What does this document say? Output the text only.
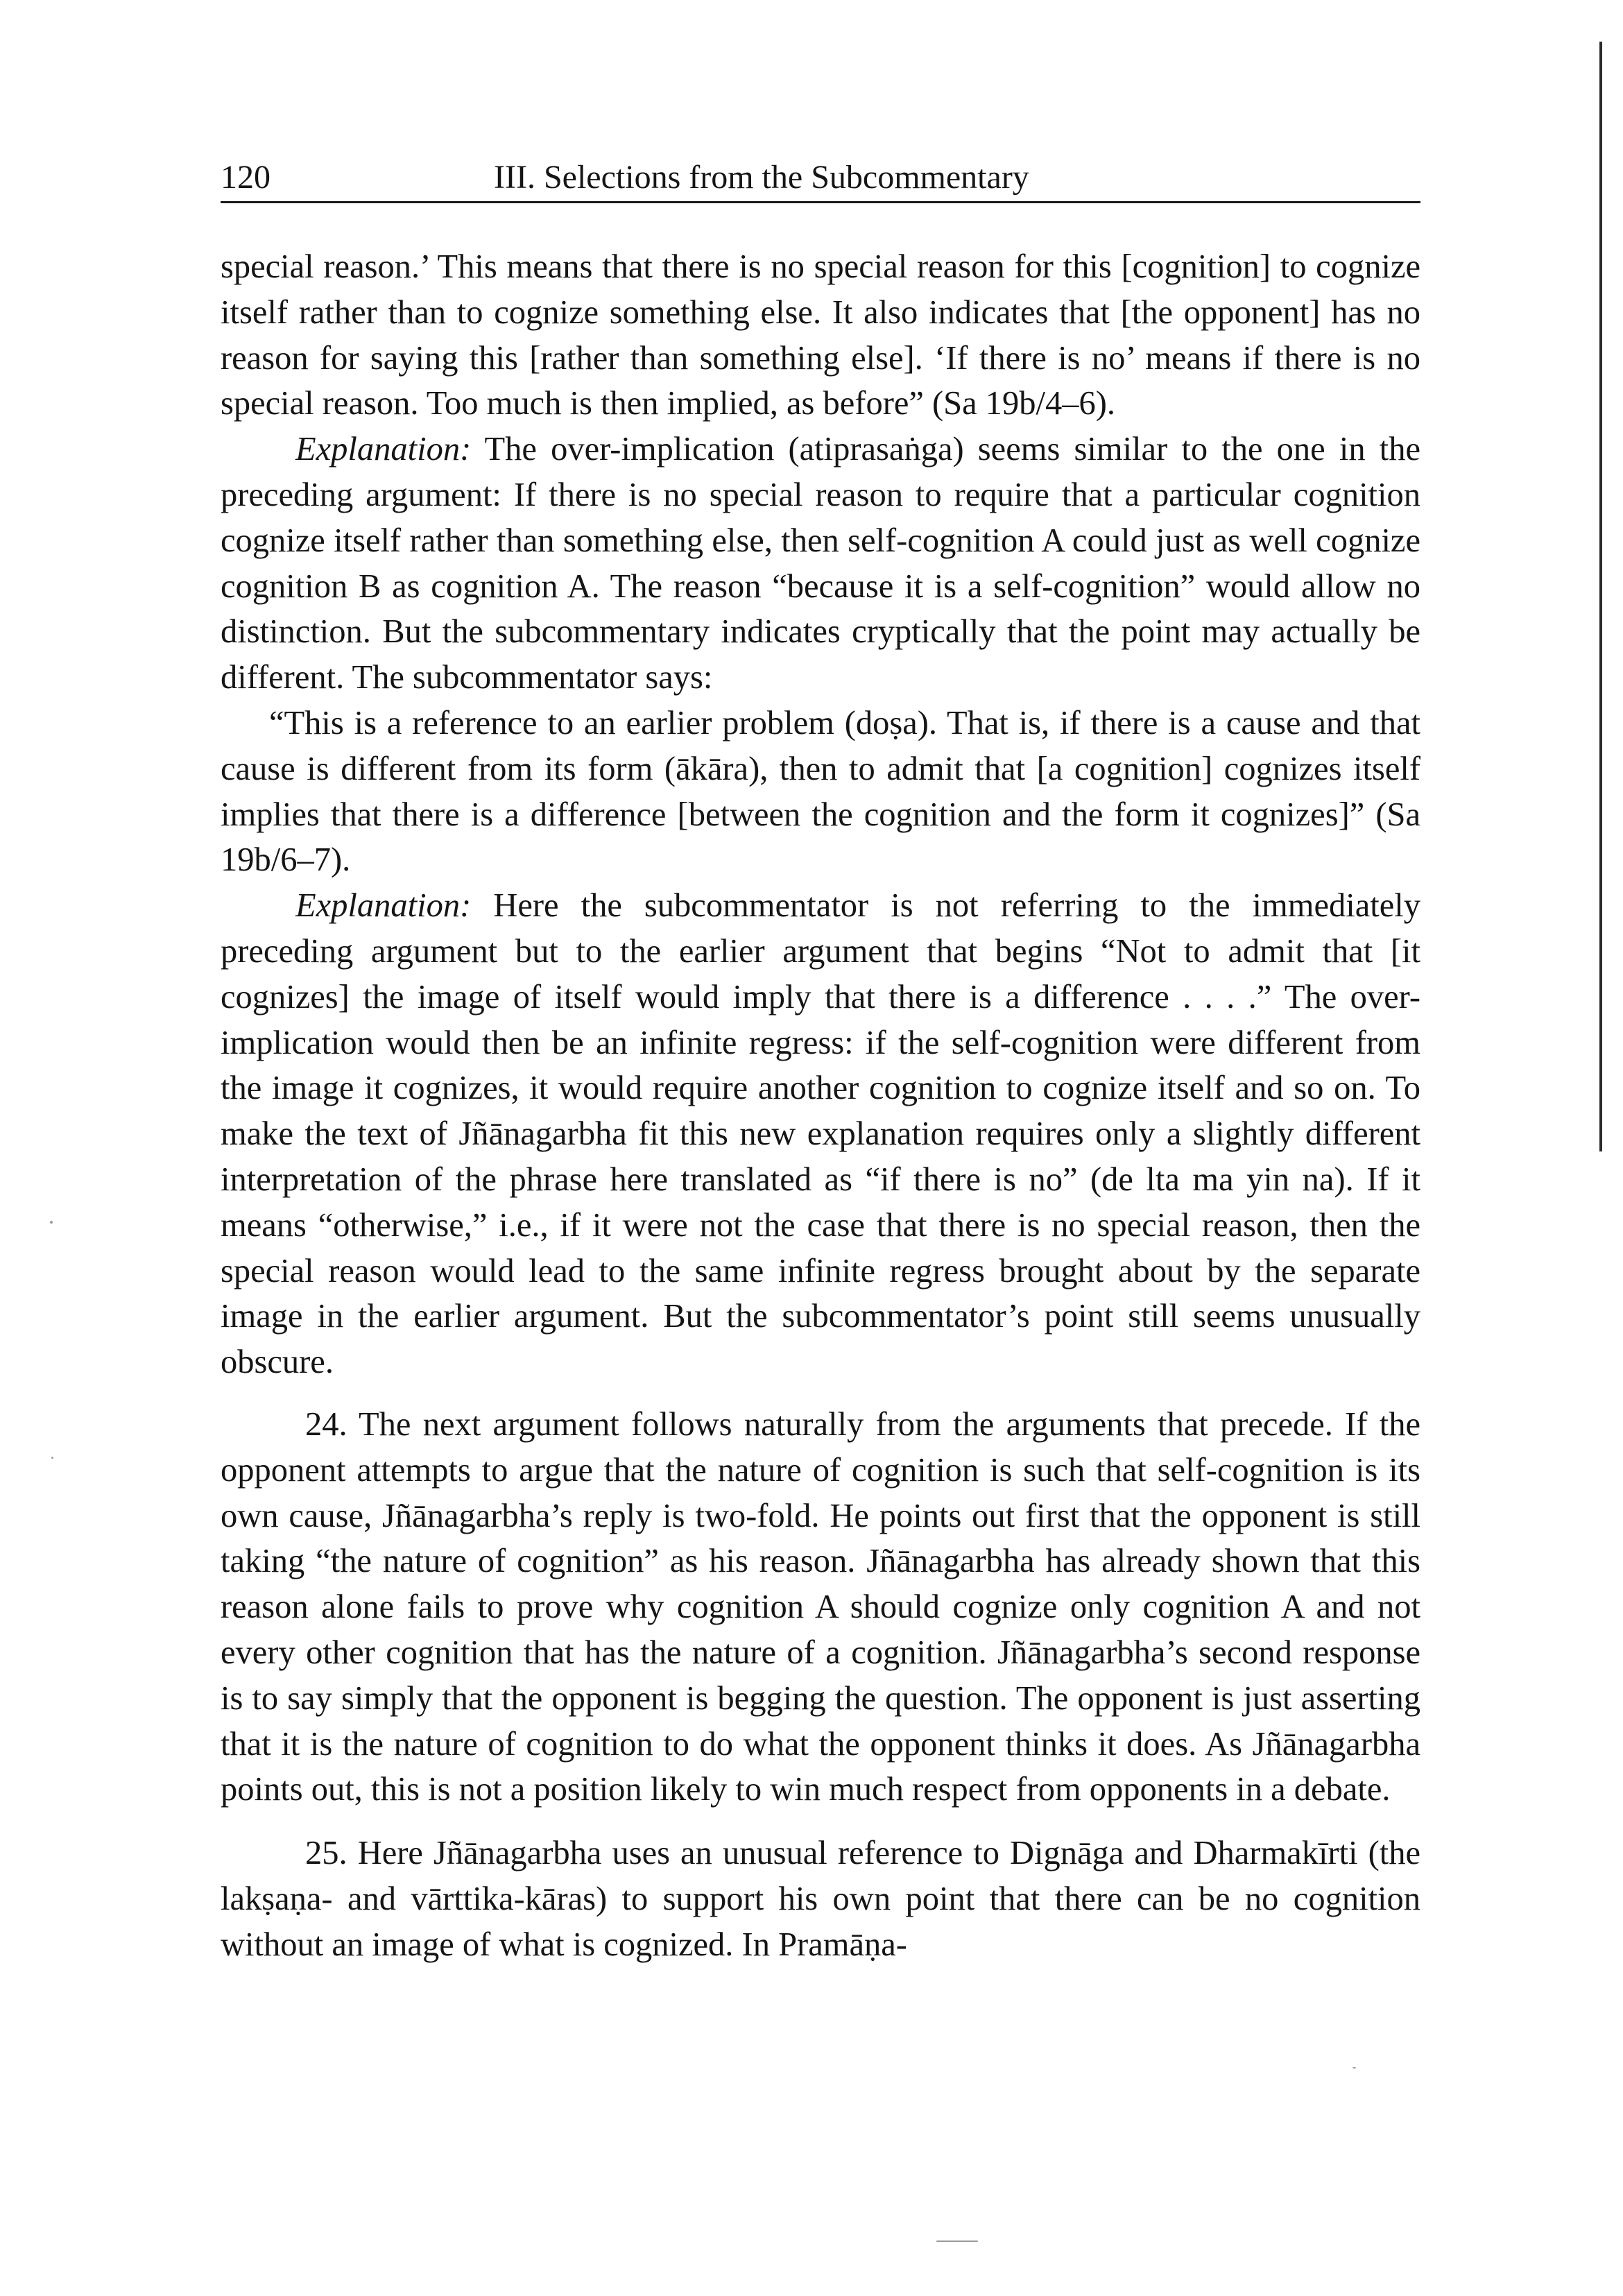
120	III. Selections from the Subcommentary

special reason.’ This means that there is no special reason for this [cognition] to cognize itself rather than to cognize something else. It also indicates that [the opponent] has no reason for saying this [rather than something else]. ‘If there is no’ means if there is no special reason. Too much is then implied, as before” (Sa 19b/4–6).

Explanation: The over-implication (atiprasaṅga) seems similar to the one in the preceding argument: If there is no special reason to require that a particular cognition cognize itself rather than something else, then self-cognition A could just as well cognize cognition B as cognition A. The reason “because it is a self-cognition” would allow no distinction. But the subcommentary indicates cryptically that the point may actually be different. The subcommentator says:

“This is a reference to an earlier problem (doṣa). That is, if there is a cause and that cause is different from its form (ākāra), then to admit that [a cognition] cognizes itself implies that there is a difference [between the cognition and the form it cognizes]” (Sa 19b/6–7).

Explanation: Here the subcommentator is not referring to the immediately preceding argument but to the earlier argument that begins “Not to admit that [it cognizes] the image of itself would imply that there is a difference . . . .” The over-implication would then be an infinite regress: if the self-cognition were different from the image it cognizes, it would require another cognition to cognize itself and so on. To make the text of Jñānagarbha fit this new explanation requires only a slightly different interpretation of the phrase here translated as “if there is no” (de lta ma yin na). If it means “otherwise,” i.e., if it were not the case that there is no special reason, then the special reason would lead to the same infinite regress brought about by the separate image in the earlier argument. But the subcommentator’s point still seems unusually obscure.

24. The next argument follows naturally from the arguments that precede. If the opponent attempts to argue that the nature of cognition is such that self-cognition is its own cause, Jñānagarbha’s reply is two-fold. He points out first that the opponent is still taking “the nature of cognition” as his reason. Jñānagarbha has already shown that this reason alone fails to prove why cognition A should cognize only cognition A and not every other cognition that has the nature of a cognition. Jñānagarbha’s second response is to say simply that the opponent is begging the question. The opponent is just asserting that it is the nature of cognition to do what the opponent thinks it does. As Jñānagarbha points out, this is not a position likely to win much respect from opponents in a debate.

25. Here Jñānagarbha uses an unusual reference to Dignāga and Dharmakīrti (the lakṣaṇa- and vārttika-kāras) to support his own point that there can be no cognition without an image of what is cognized. In Pramāṇa-
